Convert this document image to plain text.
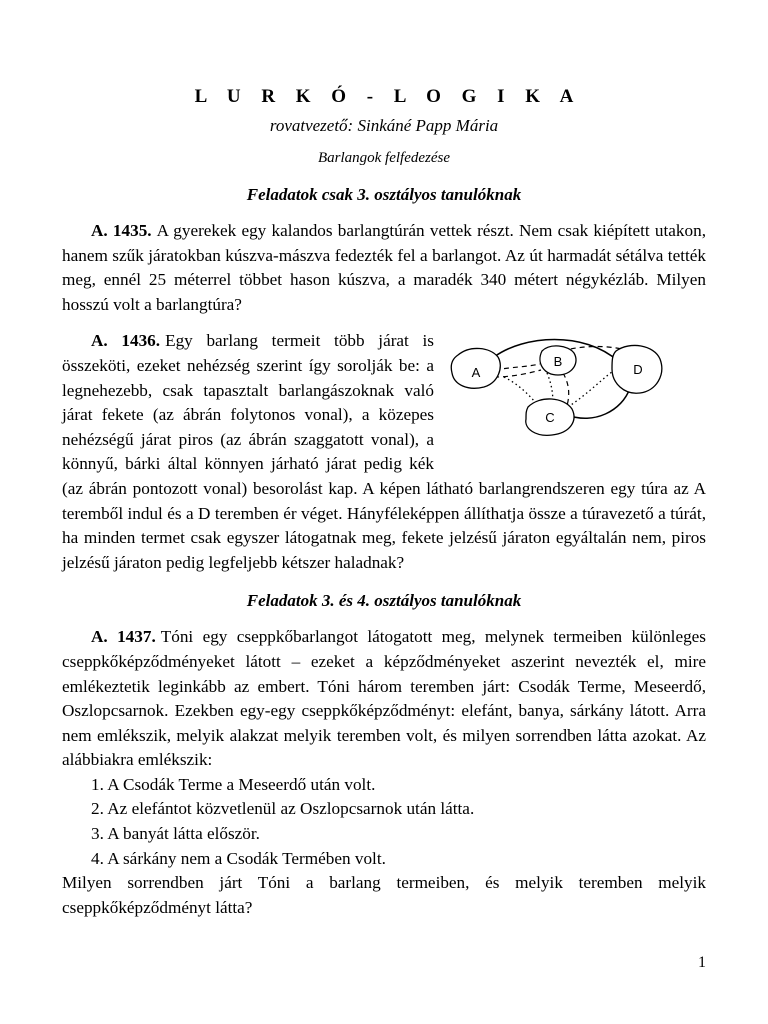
L U R K Ó - L O G I K A
rovatvezető: Sinkáné Papp Mária
Barlangok felfedezése
Feladatok csak 3. osztályos tanulóknak

A. 1435. A gyerekek egy kalandos barlangtúrán vettek részt. Nem csak kiépített utakon, hanem szűk járatokban kúszva-mászva fedezték fel a barlangot. Az út harmadát sétálva tették meg, ennél 25 méterrel többet hason kúszva, a maradék 340 métert négykézláb. Milyen hosszú volt a barlangtúra?

A
B
C
D

A. 1436. Egy barlang termeit több járat is összeköti, ezeket nehézség szerint így sorolják be: a legnehezebb, csak tapasztalt barlangászoknak való járat fekete (az ábrán folytonos vonal), a közepes nehézségű járat piros (az ábrán szaggatott vonal), a könnyű, bárki által könnyen járható járat pedig kék (az ábrán pontozott vonal) besorolást kap. A képen látható barlangrendszeren egy túra az A teremből indul és a D teremben ér véget. Hányféleképpen állíthatja össze a túravezető a túrát, ha minden termet csak egyszer látogatnak meg, fekete jelzésű járaton egyáltalán nem, piros jelzésű járaton pedig legfeljebb kétszer haladnak?

Feladatok 3. és 4. osztályos tanulóknak

A. 1437. Tóni egy cseppkőbarlangot látogatott meg, melynek termeiben különleges cseppkőképződményeket látott – ezeket a képződményeket aszerint nevezték el, mire emlékeztetik leginkább az embert. Tóni három teremben járt: Csodák Terme, Meseerdő, Oszlopcsarnok. Ezekben egy-egy cseppkőképződményt: elefánt, banya, sárkány látott. Arra nem emlékszik, melyik alakzat melyik teremben volt, és milyen sorrendben látta azokat. Az alábbiakra emlékszik:

1. A Csodák Terme a Meseerdő után volt.

2. Az elefántot közvetlenül az Oszlopcsarnok után látta.

3. A banyát látta először.

4. A sárkány nem a Csodák Termében volt.

Milyen sorrendben járt Tóni a barlang termeiben, és melyik teremben melyik cseppkőképződményt látta?

1
